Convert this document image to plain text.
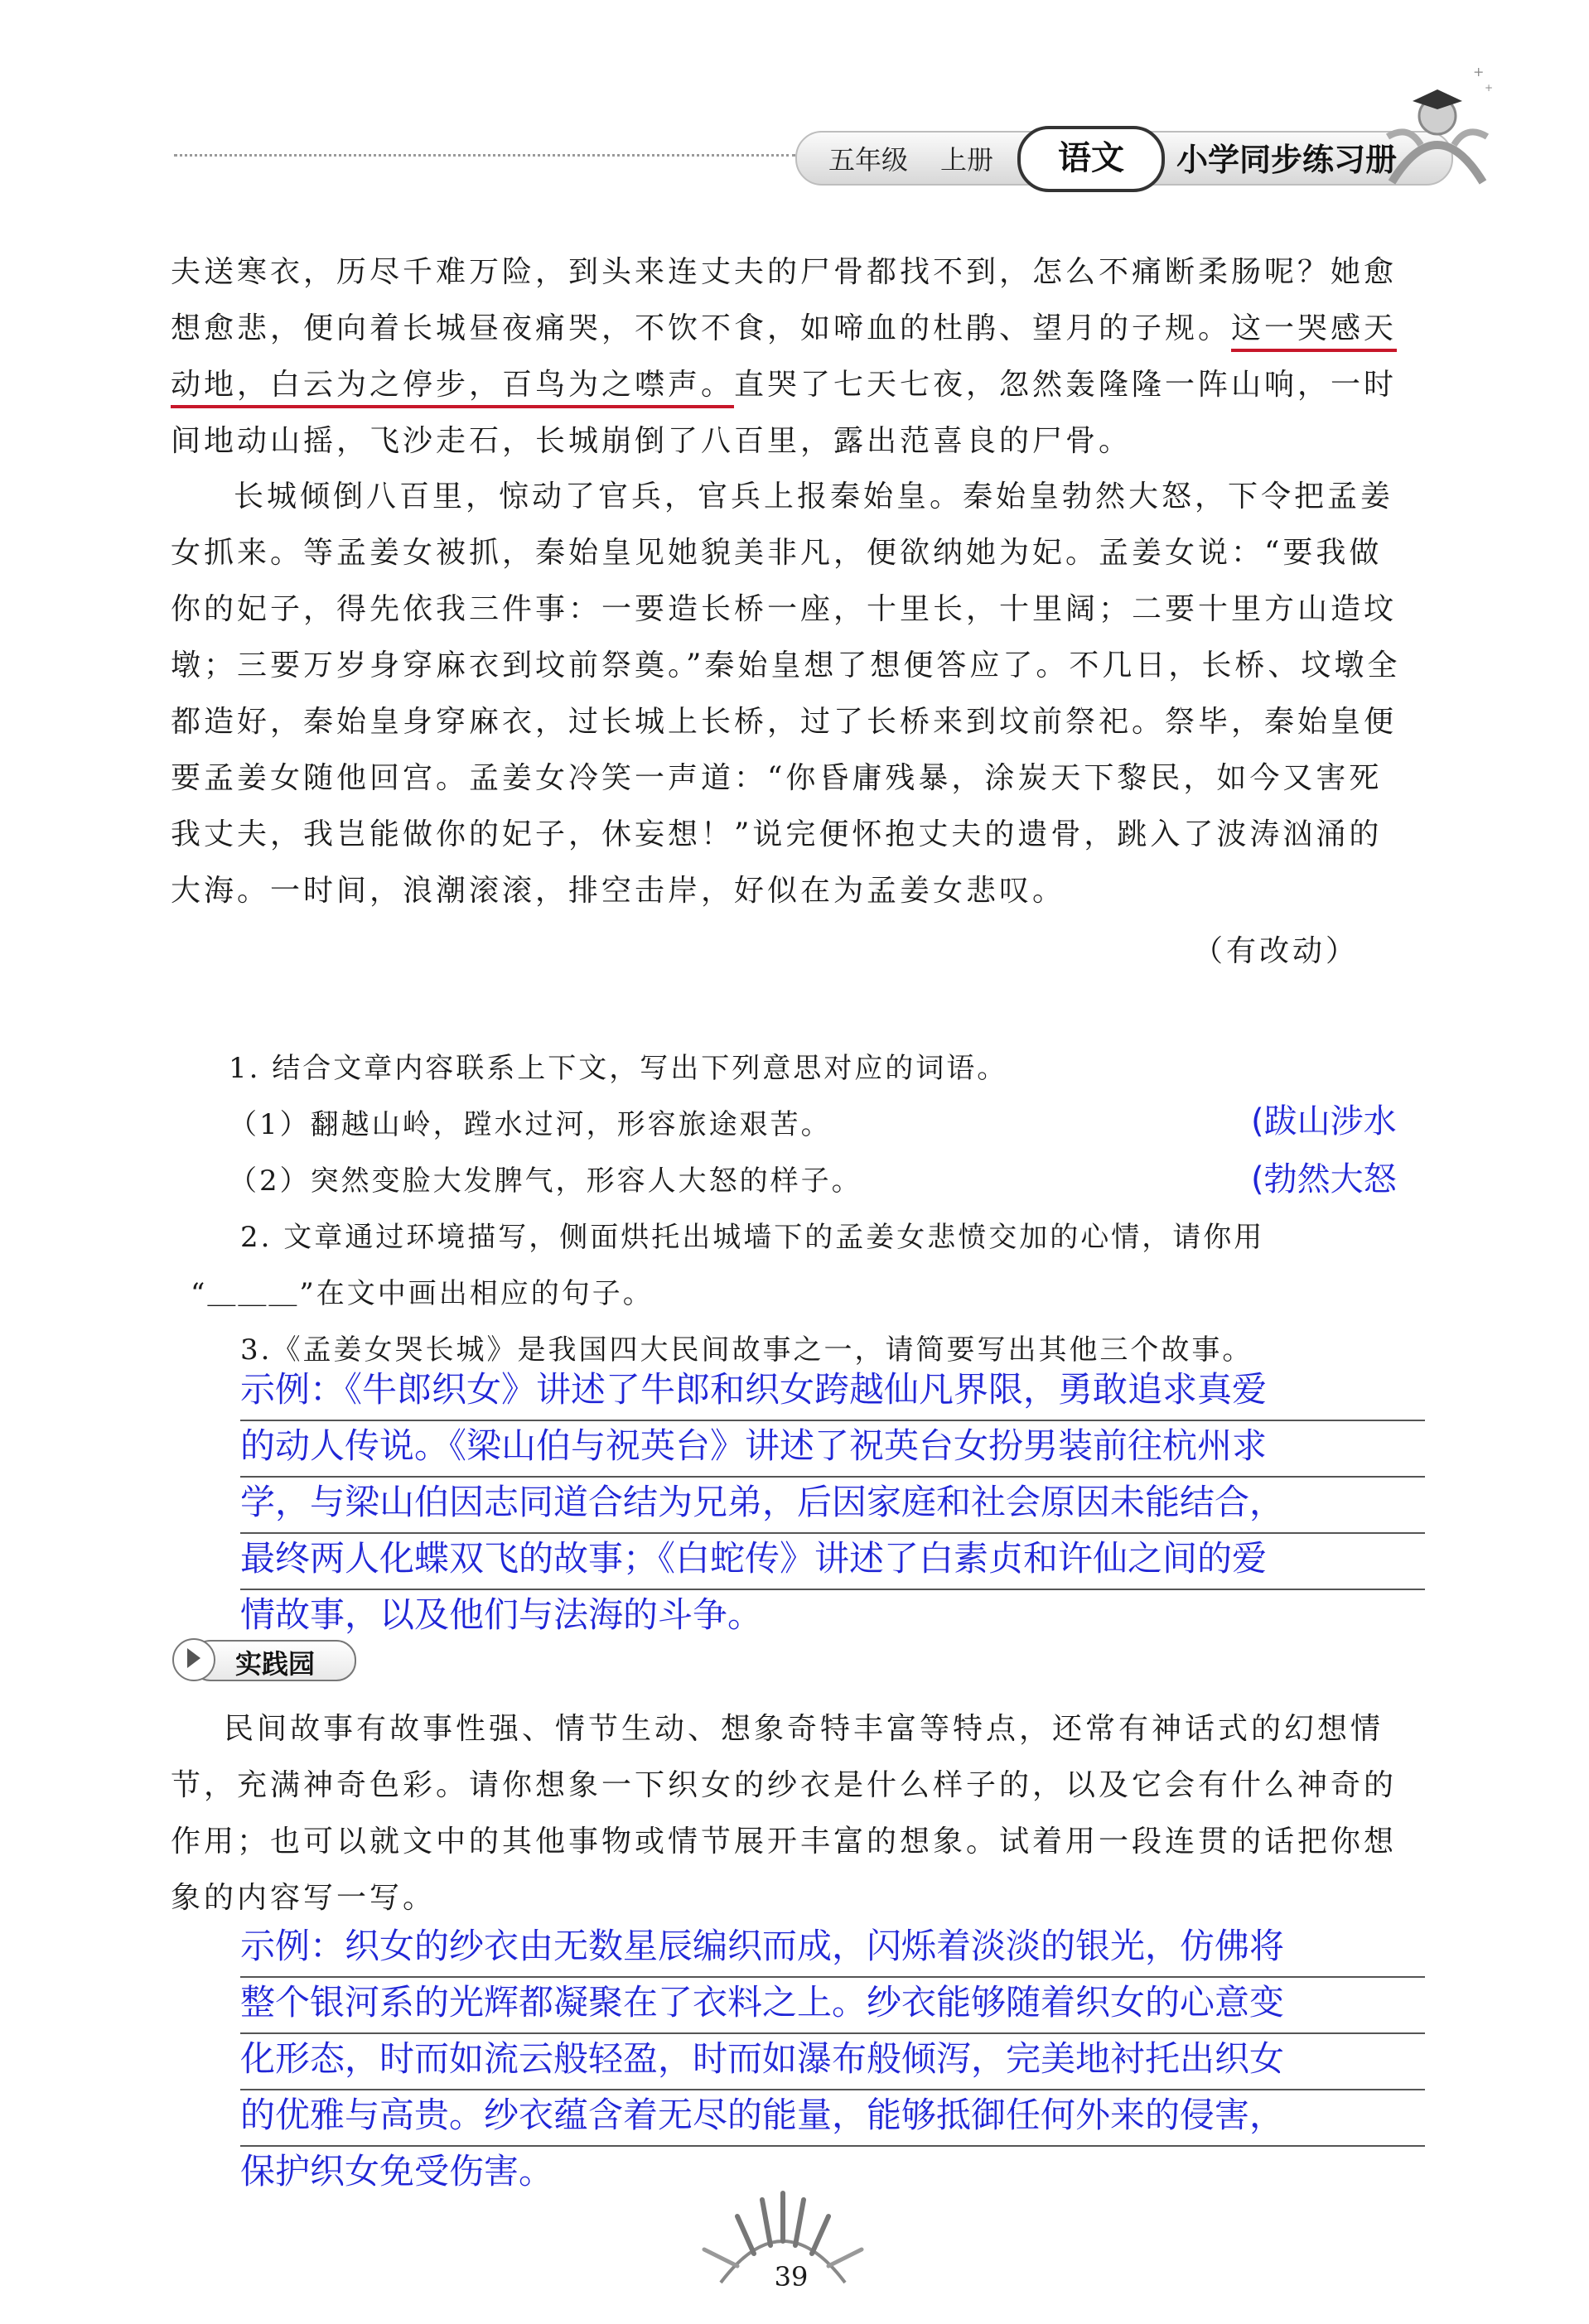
五年级 上册	语文	小学同步练习册
+
+
夫送寒衣，历尽千难万险，到头来连丈夫的尸骨都找不到，怎么不痛断柔肠呢？她愈
想愈悲，便向着长城昼夜痛哭，不饮不食，如啼血的杜鹃、望月的子规。这一哭感天
动地，白云为之停步，百鸟为之噤声。直哭了七天七夜，忽然轰隆隆一阵山响，一时
间地动山摇，飞沙走石，长城崩倒了八百里，露出范喜良的尸骨。

长城倾倒八百里，惊动了官兵，官兵上报秦始皇。秦始皇勃然大怒，下令把孟姜女抓来。等孟姜女被抓，秦始皇见她貌美非凡，便欲纳她为妃。孟姜女说：“要我做你的妃子，得先依我三件事：一要造长桥一座，十里长，十里阔；二要十里方山造坟墩；三要万岁身穿麻衣到坟前祭奠。”秦始皇想了想便答应了。不几日，长桥、坟墩全都造好，秦始皇身穿麻衣，过长城上长桥，过了长桥来到坟前祭祀。祭毕，秦始皇便要孟姜女随他回宫。孟姜女冷笑一声道：“你昏庸残暴，涂炭天下黎民，如今又害死我丈夫，我岂能做你的妃子，休妄想！”说完便怀抱丈夫的遗骨，跳入了波涛汹涌的大海。一时间，浪潮滚滚，排空击岸，好似在为孟姜女悲叹。

（有改动）
1. 结合文章内容联系上下文，写出下列意思对应的词语。
（1）翻越山岭，蹚水过河，形容旅途艰苦。	(跋山涉水
（2）突然变脸大发脾气，形容人大怒的样子。	(勃然大怒
2. 文章通过环境描写，侧面烘托出城墙下的孟姜女悲愤交加的心情，请你用
“＿＿＿”在文中画出相应的句子。
3.《孟姜女哭长城》是我国四大民间故事之一，请简要写出其他三个故事。
示例：《牛郎织女》讲述了牛郎和织女跨越仙凡界限，勇敢追求真爱
的动人传说。《梁山伯与祝英台》讲述了祝英台女扮男装前往杭州求
学，与梁山伯因志同道合结为兄弟，后因家庭和社会原因未能结合，
最终两人化蝶双飞的故事；《白蛇传》讲述了白素贞和许仙之间的爱
情故事，以及他们与法海的斗争。
实践园

民间故事有故事性强、情节生动、想象奇特丰富等特点，还常有神话式的幻想情节，充满神奇色彩。请你想象一下织女的纱衣是什么样子的，以及它会有什么神奇的作用；也可以就文中的其他事物或情节展开丰富的想象。试着用一段连贯的话把你想象的内容写一写。

示例：织女的纱衣由无数星辰编织而成，闪烁着淡淡的银光，仿佛将
整个银河系的光辉都凝聚在了衣料之上。纱衣能够随着织女的心意变
化形态，时而如流云般轻盈，时而如瀑布般倾泻，完美地衬托出织女
的优雅与高贵。纱衣蕴含着无尽的能量，能够抵御任何外来的侵害，
保护织女免受伤害。
39
